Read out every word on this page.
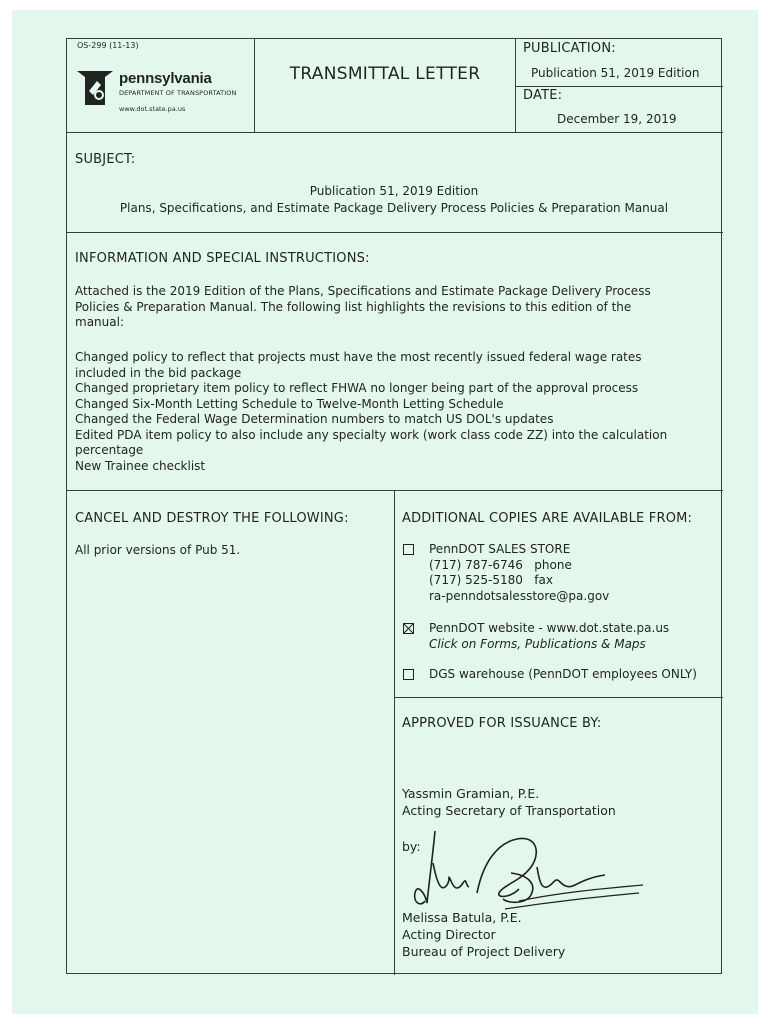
OS-299 (11-13)
pennsylvania
DEPARTMENT OF TRANSPORTATION
www.dot.state.pa.us
TRANSMITTAL LETTER
PUBLICATION:
Publication 51, 2019 Edition
DATE:
December 19, 2019
SUBJECT:
Publication 51, 2019 Edition
Plans, Specifications, and Estimate Package Delivery Process Policies & Preparation Manual
INFORMATION AND SPECIAL INSTRUCTIONS:
Attached is the 2019 Edition of the Plans, Specifications and Estimate Package Delivery Process
Policies & Preparation Manual. The following list highlights the revisions to this edition of the
manual:
Changed policy to reflect that projects must have the most recently issued federal wage rates
included in the bid package
Changed proprietary item policy to reflect FHWA no longer being part of the approval process
Changed Six-Month Letting Schedule to Twelve-Month Letting Schedule
Changed the Federal Wage Determination numbers to match US DOL's updates
Edited PDA item policy to also include any specialty work (work class code ZZ) into the calculation
percentage
New Trainee checklist
CANCEL AND DESTROY THE FOLLOWING:
All prior versions of Pub 51.
ADDITIONAL COPIES ARE AVAILABLE FROM:
PennDOT SALES STORE
(717) 787-6746   phone
(717) 525-5180   fax
ra-penndotsalesstore@pa.gov
PennDOT website - www.dot.state.pa.us
Click on Forms, Publications & Maps
DGS warehouse (PennDOT employees ONLY)
APPROVED FOR ISSUANCE BY:
Yassmin Gramian, P.E.
Acting Secretary of Transportation
by:
Melissa Batula, P.E.
Acting Director
Bureau of Project Delivery
